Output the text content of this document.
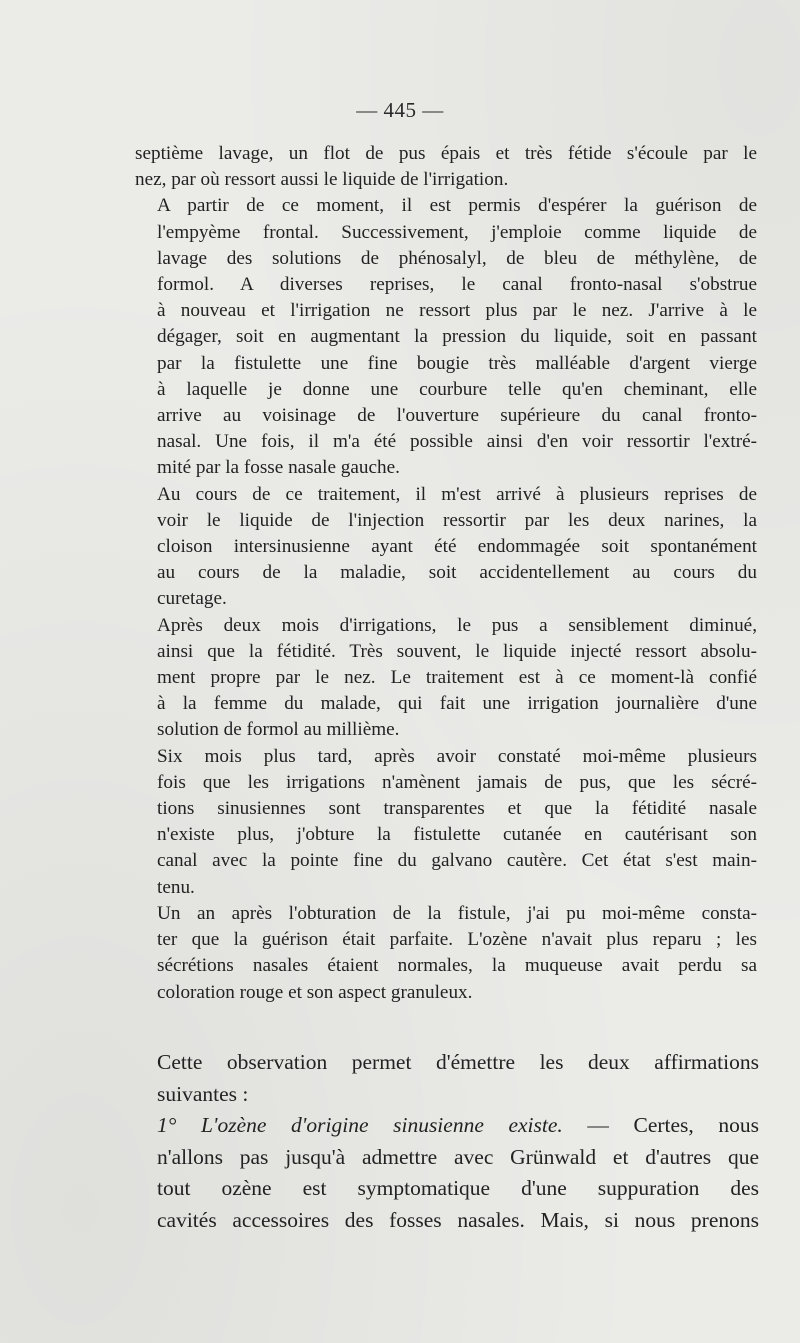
— 445 —

septième lavage, un flot de pus épais et très fétide s'écoule par le
nez, par où ressort aussi le liquide de l'irrigation.

A partir de ce moment, il est permis d'espérer la guérison de
l'empyème frontal. Successivement, j'emploie comme liquide de
lavage des solutions de phénosalyl, de bleu de méthylène, de
formol. A diverses reprises, le canal fronto-nasal s'obstrue
à nouveau et l'irrigation ne ressort plus par le nez. J'arrive à le
dégager, soit en augmentant la pression du liquide, soit en passant
par la fistulette une fine bougie très malléable d'argent vierge
à laquelle je donne une courbure telle qu'en cheminant, elle
arrive au voisinage de l'ouverture supérieure du canal fronto-
nasal. Une fois, il m'a été possible ainsi d'en voir ressortir l'extré-
mité par la fosse nasale gauche.

Au cours de ce traitement, il m'est arrivé à plusieurs reprises de
voir le liquide de l'injection ressortir par les deux narines, la
cloison intersinusienne ayant été endommagée soit spontanément
au cours de la maladie, soit accidentellement au cours du
curetage.

Après deux mois d'irrigations, le pus a sensiblement diminué,
ainsi que la fétidité. Très souvent, le liquide injecté ressort absolu-
ment propre par le nez. Le traitement est à ce moment-là confié
à la femme du malade, qui fait une irrigation journalière d'une
solution de formol au millième.

Six mois plus tard, après avoir constaté moi-même plusieurs
fois que les irrigations n'amènent jamais de pus, que les sécré-
tions sinusiennes sont transparentes et que la fétidité nasale
n'existe plus, j'obture la fistulette cutanée en cautérisant son
canal avec la pointe fine du galvano cautère. Cet état s'est main-
tenu.

Un an après l'obturation de la fistule, j'ai pu moi-même consta-
ter que la guérison était parfaite. L'ozène n'avait plus reparu ; les
sécrétions nasales étaient normales, la muqueuse avait perdu sa
coloration rouge et son aspect granuleux.

Cette observation permet d'émettre les deux affirmations
suivantes :

1° L'ozène d'origine sinusienne existe. — Certes, nous
n'allons pas jusqu'à admettre avec Grünwald et d'autres que
tout ozène est symptomatique d'une suppuration des
cavités accessoires des fosses nasales. Mais, si nous prenons
